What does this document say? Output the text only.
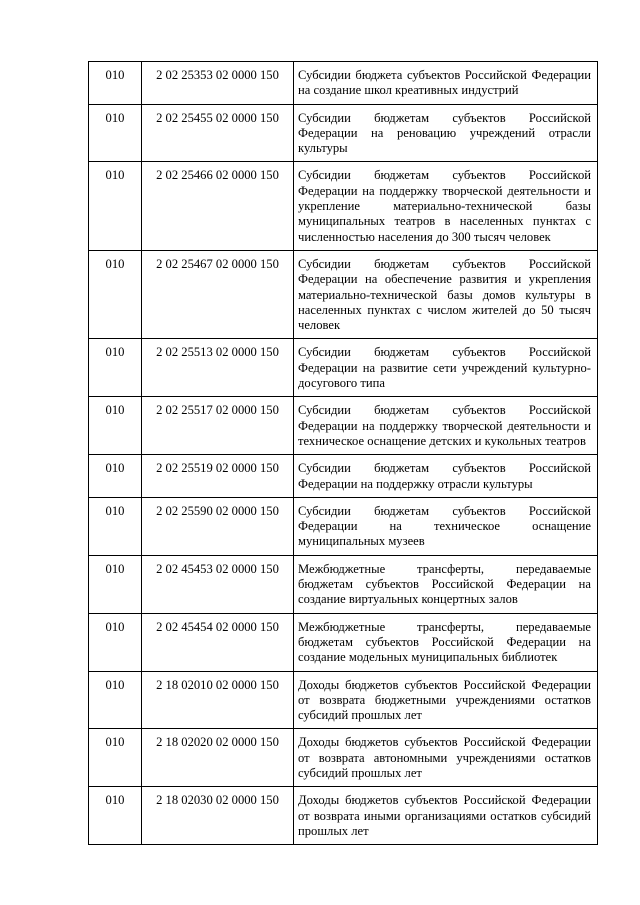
010	2 02 25353 02 0000 150	Субсидии бюджета субъектов Российской Федерации на создание школ креативных индустрий
010	2 02 25455 02 0000 150	Субсидии бюджетам субъектов Российской Федерации на реновацию учреждений отрасли культуры
010	2 02 25466 02 0000 150	Субсидии бюджетам субъектов Российской Федерации на поддержку творческой деятельности и укрепление материально-технической базы муниципальных театров в населенных пунктах с численностью населения до 300 тысяч человек
010	2 02 25467 02 0000 150	Субсидии бюджетам субъектов Российской Федерации на обеспечение развития и укрепления материально-технической базы домов культуры в населенных пунктах с числом жителей до 50 тысяч человек
010	2 02 25513 02 0000 150	Субсидии бюджетам субъектов Российской Федерации на развитие сети учреждений культурно-досугового типа
010	2 02 25517 02 0000 150	Субсидии бюджетам субъектов Российской Федерации на поддержку творческой деятельности и техническое оснащение детских и кукольных театров
010	2 02 25519 02 0000 150	Субсидии бюджетам субъектов Российской Федерации на поддержку отрасли культуры
010	2 02 25590 02 0000 150	Субсидии бюджетам субъектов Российской Федерации на техническое оснащение муниципальных музеев
010	2 02 45453 02 0000 150	Межбюджетные трансферты, передаваемые бюджетам субъектов Российской Федерации на создание виртуальных концертных залов
010	2 02 45454 02 0000 150	Межбюджетные трансферты, передаваемые бюджетам субъектов Российской Федерации на создание модельных муниципальных библиотек
010	2 18 02010 02 0000 150	Доходы бюджетов субъектов Российской Федерации от возврата бюджетными учреждениями остатков субсидий прошлых лет
010	2 18 02020 02 0000 150	Доходы бюджетов субъектов Российской Федерации от возврата автономными учреждениями остатков субсидий прошлых лет
010	2 18 02030 02 0000 150	Доходы бюджетов субъектов Российской Федерации от возврата иными организациями остатков субсидий прошлых лет
